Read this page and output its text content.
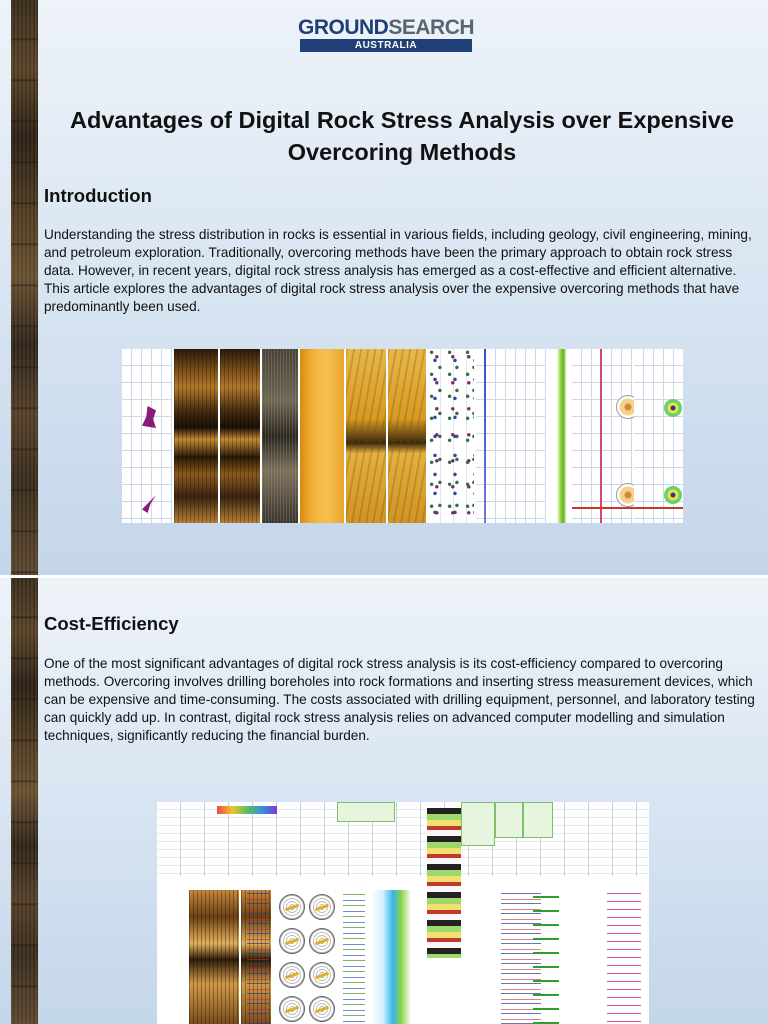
GROUNDSEARCH
AUSTRALIA
Advantages of Digital Rock Stress Analysis over Expensive Overcoring Methods
Introduction

Understanding the stress distribution in rocks is essential in various fields, including geology, civil engineering, mining, and petroleum exploration. Traditionally, overcoring methods have been the primary approach to obtain rock stress data. However, in recent years, digital rock stress analysis has emerged as a cost-effective and efficient alternative. This article explores the advantages of digital rock stress analysis over the expensive overcoring methods that have predominantly been used.

Cost-Efficiency

One of the most significant advantages of digital rock stress analysis is its cost-efficiency compared to overcoring methods. Overcoring involves drilling boreholes into rock formations and inserting stress measurement devices, which can be expensive and time-consuming. The costs associated with drilling equipment, personnel, and laboratory testing can quickly add up. In contrast, digital rock stress analysis relies on advanced computer modelling and simulation techniques, significantly reducing the financial burden.
